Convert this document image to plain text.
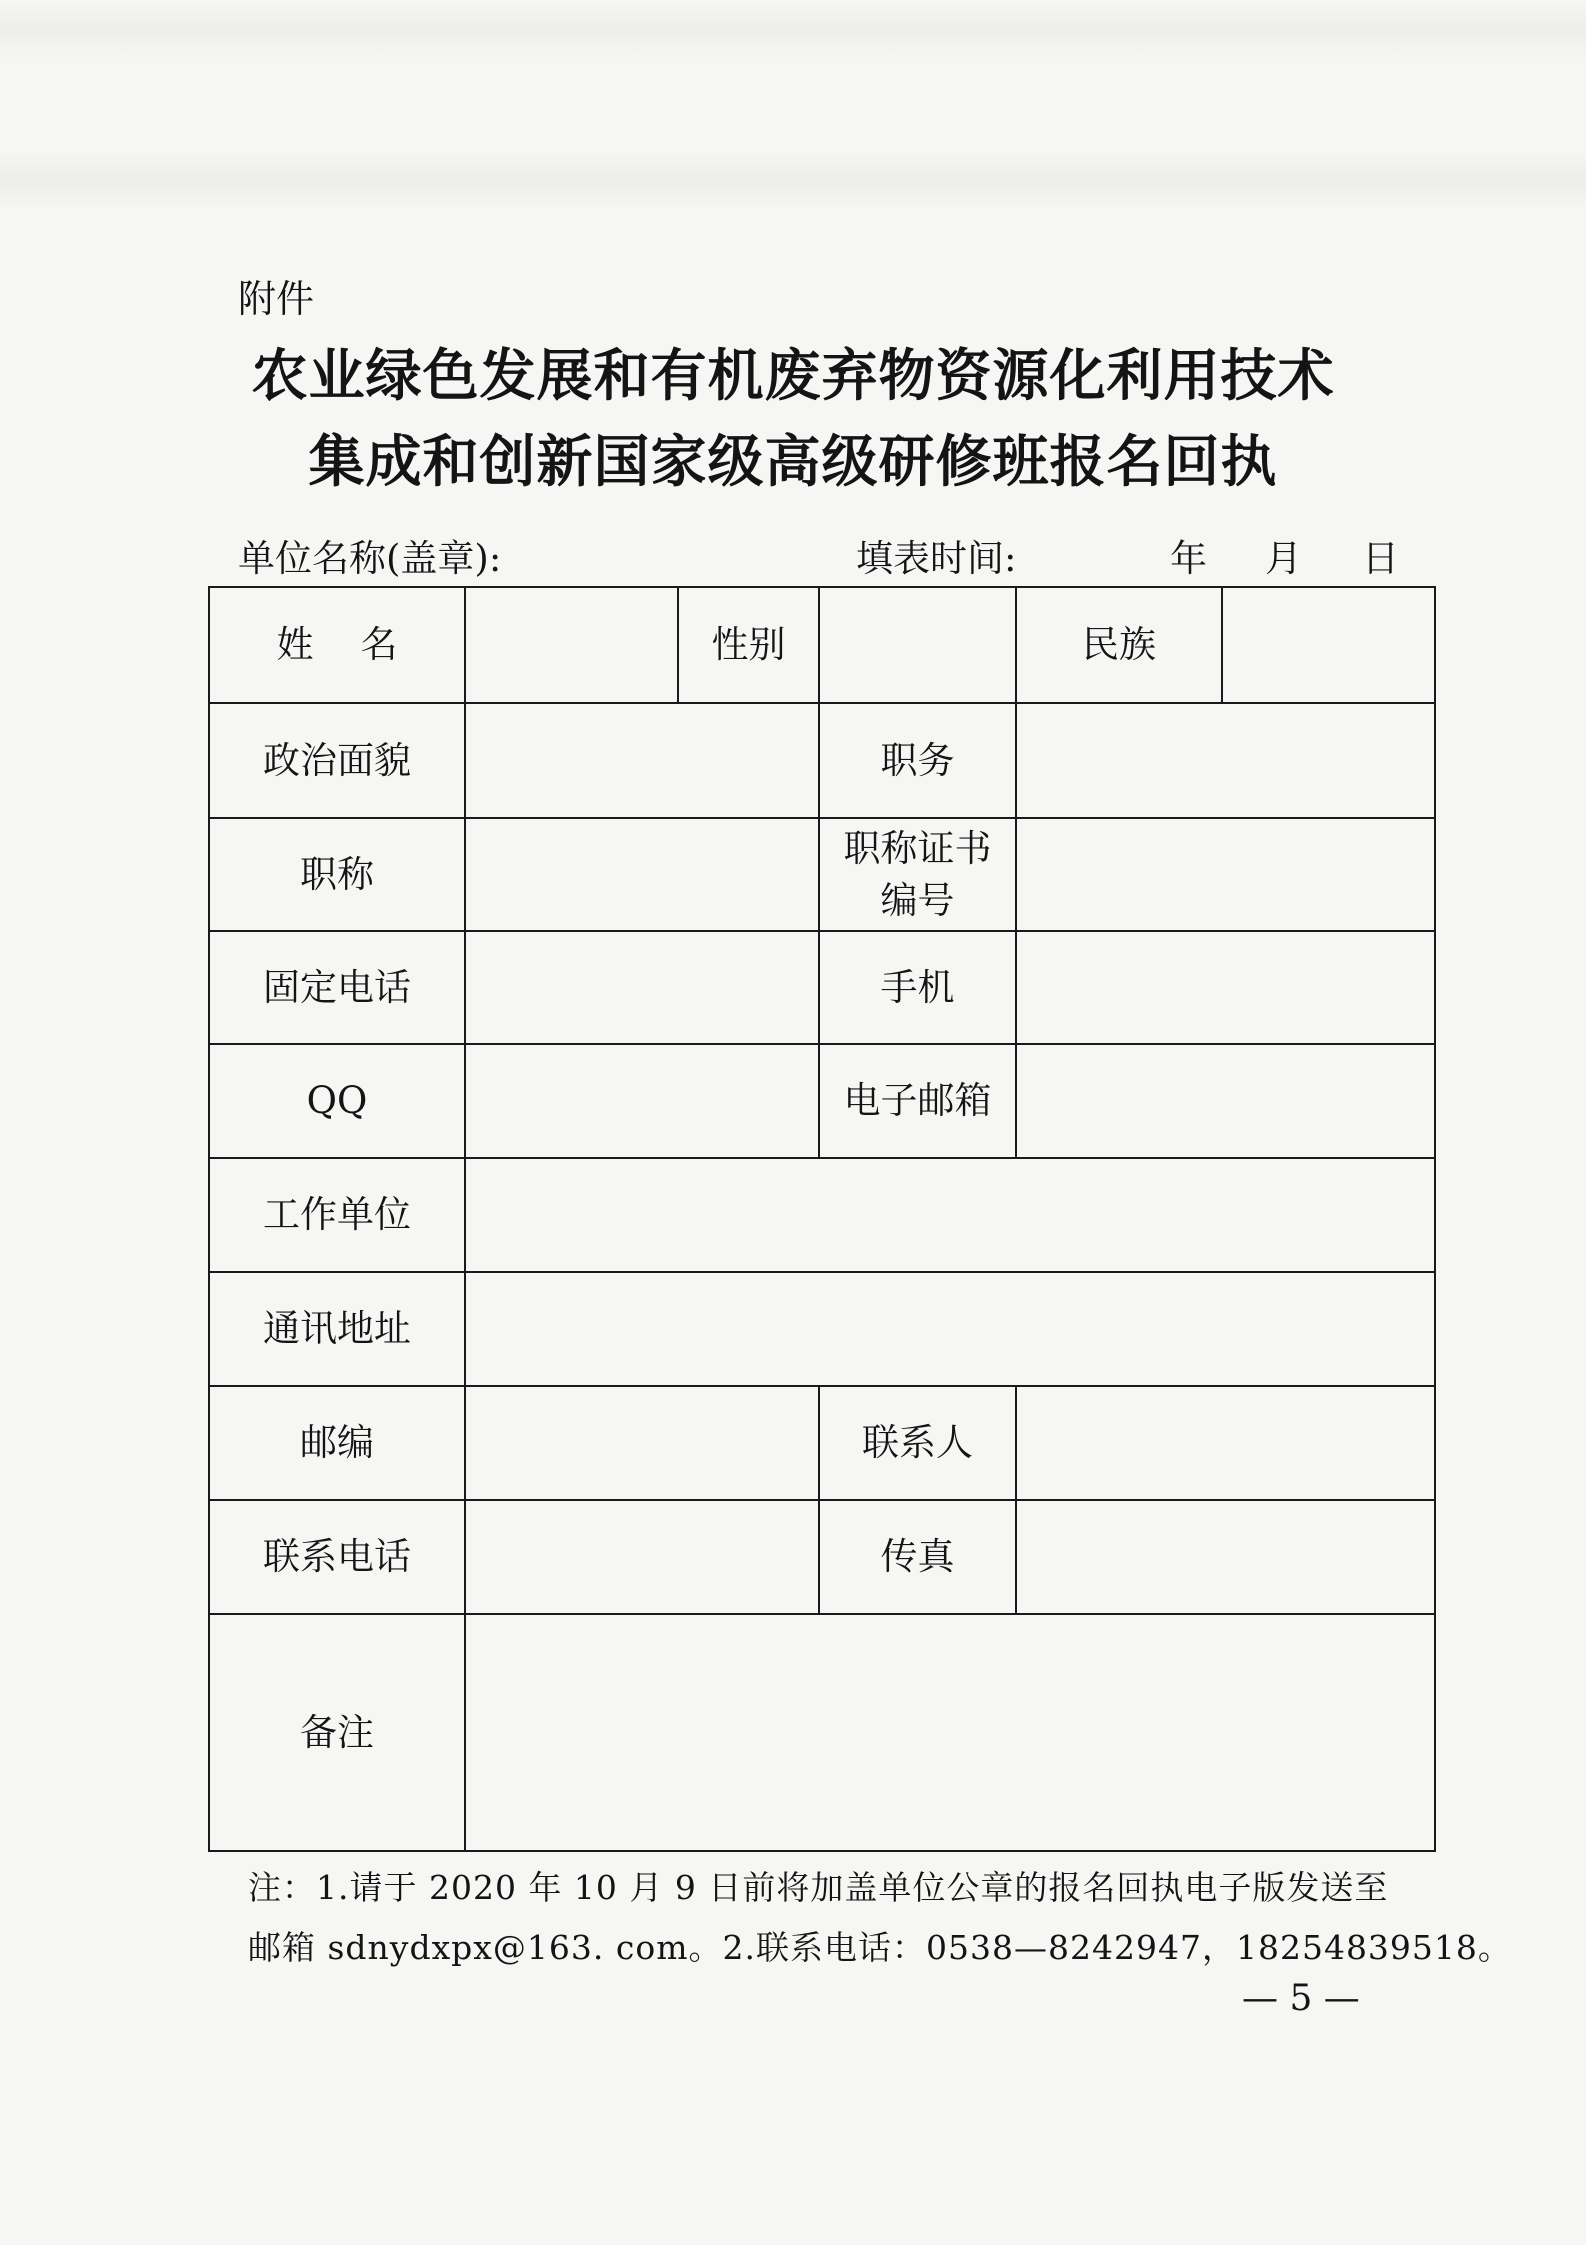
附件
农业绿色发展和有机废弃物资源化利用技术
集成和创新国家级高级研修班报名回执
单位名称(盖章):	填表时间:	年 月 日
姓    名		性别		民族	
政治面貌			职务		
职称			职称证书
编号		
固定电话			手机		
QQ			电子邮箱		
工作单位					
通讯地址					
邮编			联系人		
联系电话			传真		
备注					
注：1.请于 2020 年 10 月 9 日前将加盖单位公章的报名回执电子版发送至
邮箱 sdnydxpx@163. com。2.联系电话：0538—8242947，18254839518。
— 5 —
